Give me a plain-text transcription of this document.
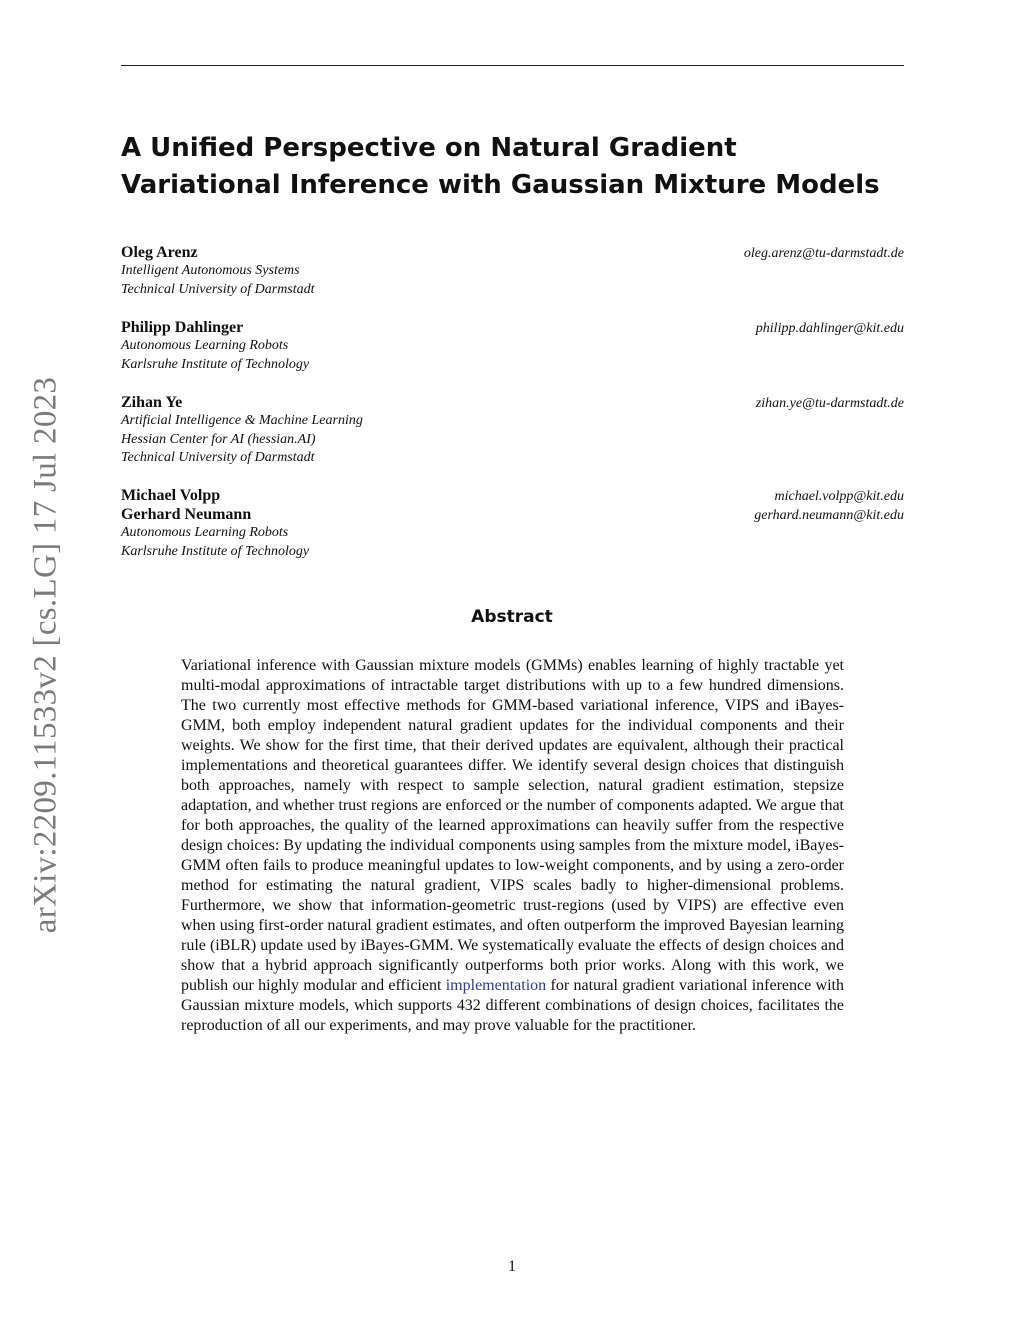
arXiv:2209.11533v2 [cs.LG] 17 Jul 2023
A Unified Perspective on Natural Gradient
Variational Inference with Gaussian Mixture Models
Oleg Arenz	oleg.arenz@tu-darmstadt.de
Intelligent Autonomous Systems
Technical University of Darmstadt
Philipp Dahlinger	philipp.dahlinger@kit.edu
Autonomous Learning Robots
Karlsruhe Institute of Technology
Zihan Ye	zihan.ye@tu-darmstadt.de
Artificial Intelligence & Machine Learning
Hessian Center for AI (hessian.AI)
Technical University of Darmstadt
Michael Volpp	michael.volpp@kit.edu
Gerhard Neumann	gerhard.neumann@kit.edu
Autonomous Learning Robots
Karlsruhe Institute of Technology
Abstract

Variational inference with Gaussian mixture models (GMMs) enables learning of highly tractable yet multi-modal approximations of intractable target distributions with up to a few hundred dimensions. The two currently most effective methods for GMM-based variational inference, VIPS and iBayes-GMM, both employ independent natural gradient updates for the individual components and their weights. We show for the first time, that their derived updates are equivalent, although their practical implementations and theoretical guarantees differ. We identify several design choices that distinguish both approaches, namely with respect to sample selection, natural gradient estimation, stepsize adaptation, and whether trust regions are enforced or the number of components adapted. We argue that for both approaches, the quality of the learned approximations can heavily suffer from the respective design choices: By updating the individual components using samples from the mixture model, iBayes-GMM often fails to produce meaningful updates to low-weight components, and by using a zero-order method for estimating the natural gradient, VIPS scales badly to higher-dimensional problems. Furthermore, we show that information-geometric trust-regions (used by VIPS) are effective even when using first-order natural gradient estimates, and often outperform the improved Bayesian learning rule (iBLR) update used by iBayes-GMM. We systematically evaluate the effects of design choices and show that a hybrid approach significantly outperforms both prior works. Along with this work, we publish our highly modular and efficient implementation for natural gradient variational inference with Gaussian mixture models, which supports 432 different combinations of design choices, facilitates the reproduction of all our experiments, and may prove valuable for the practitioner.

1
